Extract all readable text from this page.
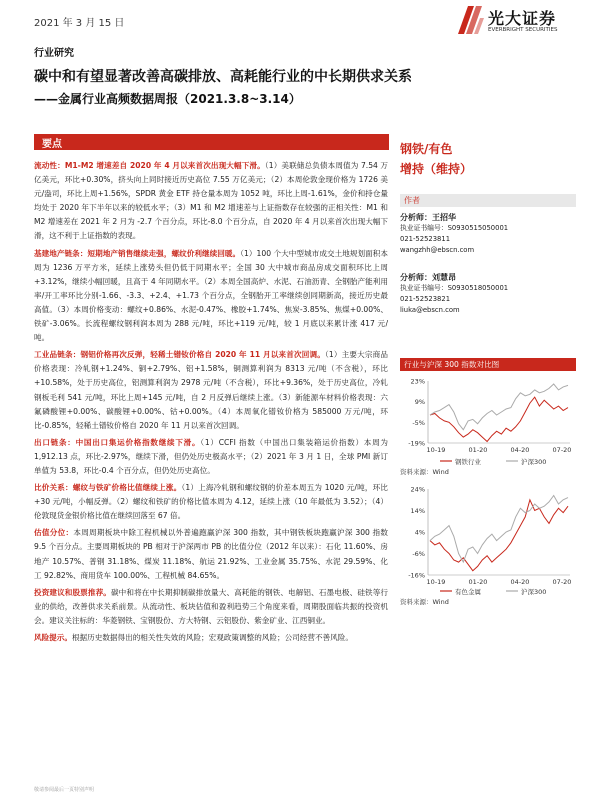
2021 年 3 月 15 日	光大证券
EVERBRIGHT SECURITIES
行业研究
碳中和有望显著改善高碳排放、高耗能行业的中长期供求关系
——金属行业高频数据周报（2021.3.8~3.14）
要点

流动性：M1-M2 增速差自 2020 年 4 月以来首次出现大幅下滑。（1）美联储总负债本周值为 7.54 万亿美元，环比+0.30%，挤头向上同时接近历史高位 7.55 万亿美元；（2）本周伦敦金现价格为 1726 美元/盎司，环比上周+1.56%，SPDR 黄金 ETF 持仓量本周为 1052 吨，环比上周-1.61%，金价和持仓量均处于 2020 年下半年以来的较低水平；（3）M1 和 M2 增速差与上证指数存在较强的正相关性：M1 和 M2 增速差在 2021 年 2 月为 -2.7 个百分点，环比-8.0 个百分点，自 2020 年 4 月以来首次出现大幅下滑，这不利于上证指数的表现。

基建地产链条：短期地产销售继续走强，螺纹价利继续回暖。（1）100 个大中型城市成交土地规划面积本周为 1236 万平方米，延续上涨势头但仍低于同期水平；全国 30 大中城市商品房成交面积环比上周+3.12%，继续小幅回暖，且高于 4 年同期水平。（2）本周全国高炉、水泥、石油沥青、全钢胎产能利用率/开工率环比分别-1.66、-3.3、+2.4、+1.73 个百分点，全钢胎开工率继续创同期新高，接近历史最高值。（3）本周价格变动：螺纹+0.86%、水泥-0.47%、橡胶+1.74%、焦炭-3.85%、焦煤+0.00%、铁矿-3.06%。长流程螺纹钢利润本周为 288 元/吨，环比+119 元/吨，较 1 月底以来累计涨 417 元/吨。

工业品链条：钢铝价格再次反弹，轻稀土镨钕价格自 2020 年 11 月以来首次回调。（1）主要大宗商品价格表现：冷轧钢+1.24%、铜+2.79%、铝+1.58%，铜测算利润为 8313 元/吨（不含税），环比+10.58%，处于历史高位，铝测算利润为 2978 元/吨（不含税），环比+9.36%，处于历史高位，冷轧钢板毛利 541 元/吨，环比上周+145 元/吨，自 2 月反弹后继续上涨。（3）新能源车材料价格表现：六氟磷酸锂+0.00%、碳酸锂+0.00%、钴+0.00%。（4）本周氧化镨钕价格为 585000 万元/吨，环比-0.85%，轻稀土镨钕价格自 2020 年 11 月以来首次回调。

出口链条：中国出口集运价格指数继续下滑。（1）CCFI 指数（中国出口集装箱运价指数）本周为 1,912.13 点，环比-2.97%，继续下滑，但仍处历史极高水平；（2）2021 年 3 月 1 日，全球 PMI 新订单值为 53.8，环比-0.4 个百分点，但仍处历史高位。

比价关系：螺纹与铁矿价格比值继续上涨。（1）上海冷轧钢和螺纹钢的价差本周五为 1020 元/吨，环比+30 元/吨，小幅反弹。（2）螺纹和铁矿的价格比值本周为 4.12，延续上涨（10 年最低为 3.52）；（4）伦敦现货金银价格比值在继续回落至 67 倍。

估值分位：本周周期板块中除工程机械以外普遍跑赢沪深 300 指数，其中钢铁板块跑赢沪深 300 指数 9.5 个百分点。主要周期板块的 PB 相对于沪深两市 PB 的比值分位（2012 年以来）：石化 11.60%、房地产 10.57%、普钢 31.18%、煤炭 11.18%、航运 21.92%、工业金属 35.75%、水泥 29.59%、化工 92.82%、商用货车 100.00%、工程机械 84.65%。

投资建议和股票推荐。碳中和将在中长期抑制碳排放量大、高耗能的钢铁、电解铝、石墨电极、硅铁等行业的供给，改善供求关系前景。从流动性、板块估值和盈利趋势三个角度来看，周期股面临共振的投资机会。建议关注标的：华菱钢铁、宝钢股份、方大特钢、云铝股份、紫金矿业、江西铜业。

风险提示。根据历史数据得出的相关性失效的风险；宏观政策调整的风险；公司经营不善风险。

钢铁/有色
增持（维持）
作者
分析师：王招华
执业证书编号：S0930515050001
021-52523811
wangzhh@ebscn.com
分析师：刘慧昂
执业证书编号：S0930518050001
021-52523821
liuka@ebscn.com
行业与沪深 300 指数对比图
23%
9%
-5%
-19%
10-19	01-20	04-20	07-20
钢铁行业	沪深300
资料来源：Wind
24%
14%
4%
-6%
-16%
10-19	01-20	04-20	07-20
有色金属	沪深300
资料来源：Wind
敬请参阅最后一页特别声明
